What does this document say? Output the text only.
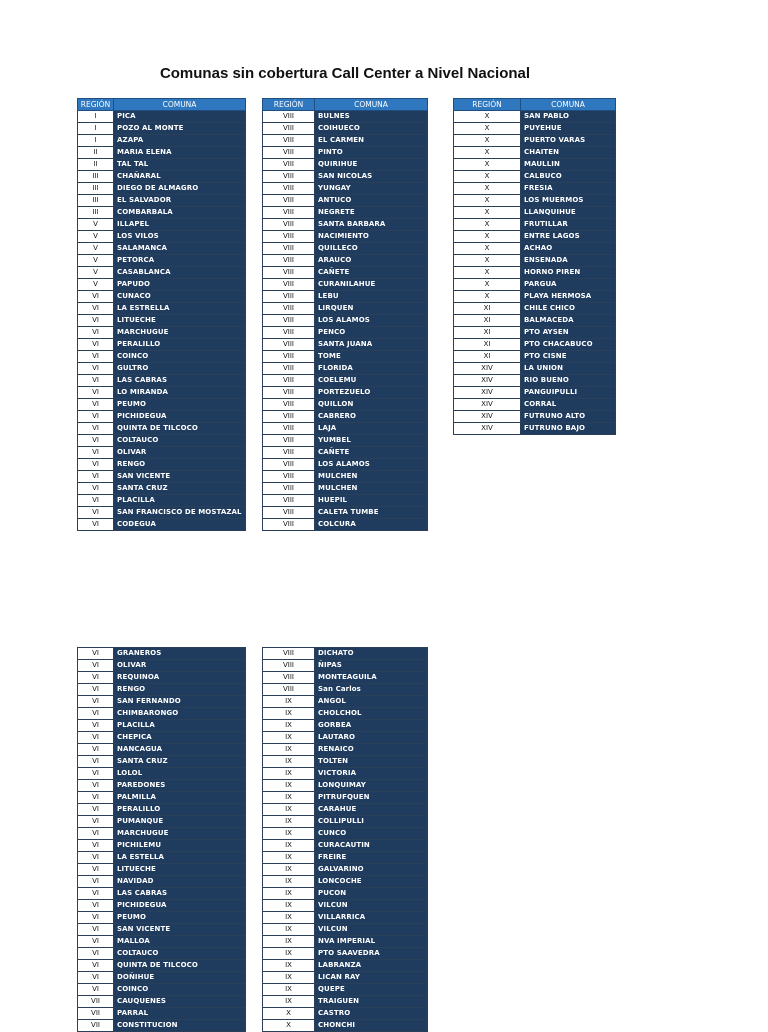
Comunas sin cobertura Call Center a Nivel Nacional
REGIÓN	COMUNA
I	PICA
I	POZO AL MONTE
I	AZAPA
II	MARIA ELENA
II	TAL TAL
III	CHAÑARAL
III	DIEGO DE ALMAGRO
III	EL SALVADOR
III	COMBARBALA
V	ILLAPEL
V	LOS VILOS
V	SALAMANCA
V	PETORCA
V	CASABLANCA
V	PAPUDO
VI	CUNACO
VI	LA ESTRELLA
VI	LITUECHE
VI	MARCHUGUE
VI	PERALILLO
VI	COINCO
VI	GULTRO
VI	LAS CABRAS
VI	LO MIRANDA
VI	PEUMO
VI	PICHIDEGUA
VI	QUINTA DE TILCOCO
VI	COLTAUCO
VI	OLIVAR
VI	RENGO
VI	SAN VICENTE
VI	SANTA CRUZ
VI	PLACILLA
VI	SAN FRANCISCO DE MOSTAZAL
VI	CODEGUA
REGIÓN	COMUNA
VIII	BULNES
VIII	COIHUECO
VIII	EL CARMEN
VIII	PINTO
VIII	QUIRIHUE
VIII	SAN NICOLAS
VIII	YUNGAY
VIII	ANTUCO
VIII	NEGRETE
VIII	SANTA BARBARA
VIII	NACIMIENTO
VIII	QUILLECO
VIII	ARAUCO
VIII	CAÑETE
VIII	CURANILAHUE
VIII	LEBU
VIII	LIRQUEN
VIII	LOS ALAMOS
VIII	PENCO
VIII	SANTA JUANA
VIII	TOME
VIII	FLORIDA
VIII	COELEMU
VIII	PORTEZUELO
VIII	QUILLON
VIII	CABRERO
VIII	LAJA
VIII	YUMBEL
VIII	CAÑETE
VIII	LOS ALAMOS
VIII	MULCHEN
VIII	MULCHEN
VIII	HUEPIL
VIII	CALETA TUMBE
VIII	COLCURA
REGIÓN	COMUNA
X	SAN PABLO
X	PUYEHUE
X	PUERTO VARAS
X	CHAITEN
X	MAULLIN
X	CALBUCO
X	FRESIA
X	LOS MUERMOS
X	LLANQUIHUE
X	FRUTILLAR
X	ENTRE LAGOS
X	ACHAO
X	ENSENADA
X	HORNO PIREN
X	PARGUA
X	PLAYA HERMOSA
XI	CHILE CHICO
XI	BALMACEDA
XI	PTO AYSEN
XI	PTO CHACABUCO
XI	PTO CISNE
XIV	LA UNION
XIV	RIO BUENO
XIV	PANGUIPULLI
XIV	CORRAL
XIV	FUTRUNO ALTO
XIV	FUTRUNO BAJO
VI	GRANEROS
VI	OLIVAR
VI	REQUINOA
VI	RENGO
VI	SAN FERNANDO
VI	CHIMBARONGO
VI	PLACILLA
VI	CHEPICA
VI	NANCAGUA
VI	SANTA CRUZ
VI	LOLOL
VI	PAREDONES
VI	PALMILLA
VI	PERALILLO
VI	PUMANQUE
VI	MARCHUGUE
VI	PICHILEMU
VI	LA ESTELLA
VI	LITUECHE
VI	NAVIDAD
VI	LAS CABRAS
VI	PICHIDEGUA
VI	PEUMO
VI	SAN VICENTE
VI	MALLOA
VI	COLTAUCO
VI	QUINTA DE TILCOCO
VI	DOÑIHUE
VI	COINCO
VII	CAUQUENES
VII	PARRAL
VII	CONSTITUCION
VIII	DICHATO
VIII	ÑIPAS
VIII	MONTEAGUILA
VIII	San Carlos
IX	ANGOL
IX	CHOLCHOL
IX	GORBEA
IX	LAUTARO
IX	RENAICO
IX	TOLTEN
IX	VICTORIA
IX	LONQUIMAY
IX	PITRUFQUEN
IX	CARAHUE
IX	COLLIPULLI
IX	CUNCO
IX	CURACAUTIN
IX	FREIRE
IX	GALVARINO
IX	LONCOCHE
IX	PUCON
IX	VILCUN
IX	VILLARRICA
IX	VILCUN
IX	NVA IMPERIAL
IX	PTO SAAVEDRA
IX	LABRANZA
IX	LICAN RAY
IX	QUEPE
IX	TRAIGUEN
X	CASTRO
X	CHONCHI
